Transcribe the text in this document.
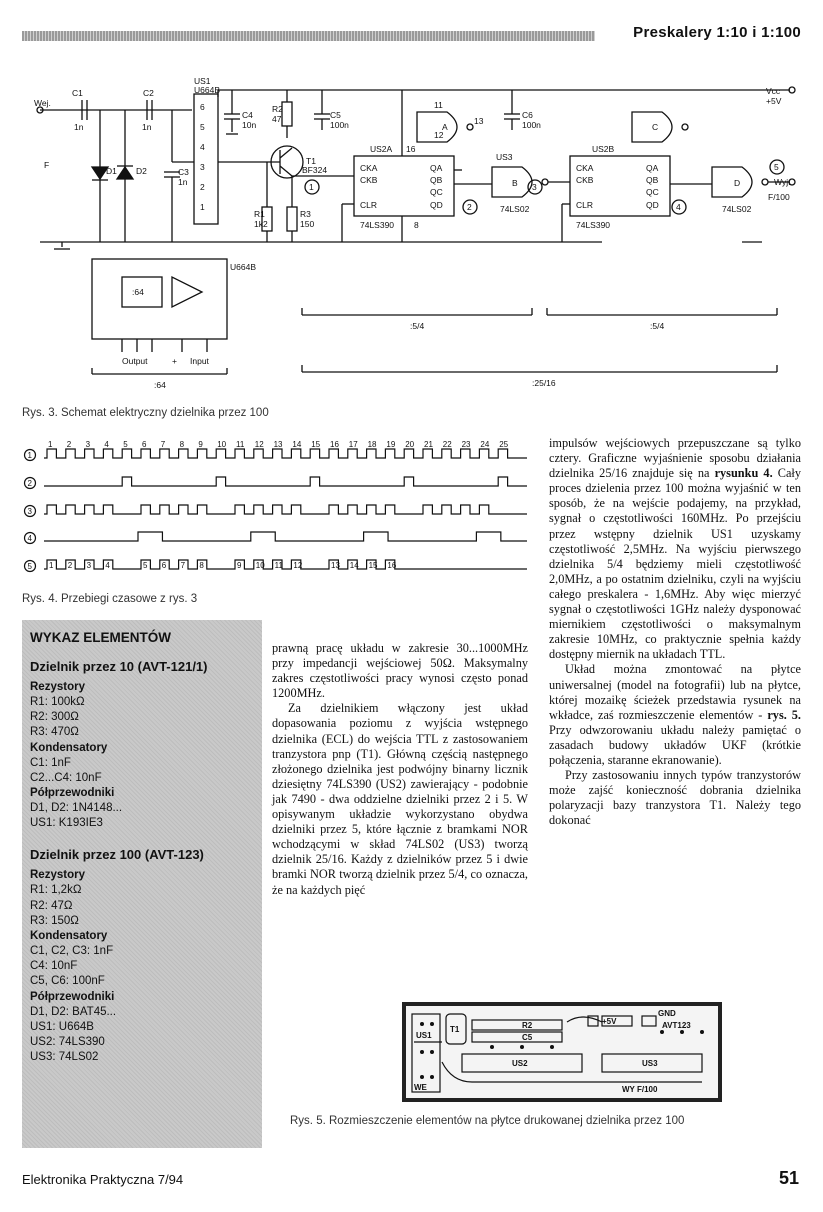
Preskalery 1:10 i 1:100
Wej.
F
C1
1n
C2
1n
D1 D2	C3
1n
US1
U664B
6
5
4
3
2
1
C4
10n
R2
47	C5
100n
T1
BF324
1
R1
1k2
R3
150
US2A 16
CKA
CKB
CLR
QA
QB
QC
QD
74LS390 8
11
12
A
13
2
US3
B
74LS02
3
C6
100n
US2B
CKA
CKB
CLR
QA
QB
QC
QD
74LS390
C
D
74LS02
4
5
Vcc
+5V
Wyj.
F/100
U664B
:64
Output	+ Input
:64
:5/4	:5/4
:25/16
Rys. 3. Schemat elektryczny dzielnika przez 100
1
2
3
4
5
1 2 3 4 5 6 7 8 9 10 11 12 13 14 15 16 17 18 19 20 21 22 23 24 25
1 2 3 4	5 6 7 8	9 10 11 12	13 14 15 16
Rys. 4. Przebiegi czasowe z rys. 3
WYKAZ ELEMENTÓW
Dzielnik przez 10 (AVT-121/1)
Rezystory
R1: 100kΩ
R2: 300Ω
R3: 470Ω
Kondensatory
C1: 1nF
C2...C4: 10nF
Półprzewodniki
D1, D2: 1N4148...
US1: K193IE3
Dzielnik przez 100 (AVT-123)
Rezystory
R1: 1,2kΩ
R2: 47Ω
R3: 150Ω
Kondensatory
C1, C2, C3: 1nF
C4: 10nF
C5, C6: 100nF
Półprzewodniki
D1, D2: BAT45...
US1: U664B
US2: 74LS390
US3: 74LS02

prawną pracę układu w zakresie 30...1000MHz przy impedancji wejściowej 50Ω. Maksymalny zakres częstotliwości pracy wynosi często ponad 1200MHz.

Za dzielnikiem włączony jest układ dopasowania poziomu z wyjścia wstępnego dzielnika (ECL) do wejścia TTL z zastosowaniem tranzystora pnp (T1). Główną częścią następnego złożonego dzielnika jest podwójny binarny licznik dziesiętny 74LS390 (US2) zawierający - podobnie jak 7490 - dwa oddzielne dzielniki przez 2 i 5. W opisywanym układzie wykorzystano obydwa dzielniki przez 5, które łącznie z bramkami NOR wchodzącymi w skład 74LS02 (US3) tworzą dzielnik 25/16. Każdy z dzielników przez 5 i dwie bramki NOR tworzą dzielnik przez 5/4, co oznacza, że na każdych pięć

impulsów wejściowych przepuszczane są tylko cztery. Graficzne wyjaśnienie sposobu działania dzielnika 25/16 znajduje się na rysunku 4. Cały proces dzielenia przez 100 można wyjaśnić w ten sposób, że na wejście podajemy, na przykład, sygnał o częstotliwości 160MHz. Po przejściu przez wstępny dzielnik US1 uzyskamy częstotliwość 2,5MHz. Na wyjściu pierwszego dzielnika 5/4 będziemy mieli częstotliwość 2,0MHz, a po ostatnim dzielniku, czyli na wyjściu całego preskalera - 1,6MHz. Aby więc mierzyć sygnał o częstotliwości 1GHz należy dysponować miernikiem częstotliwości o maksymalnym zakresie 10MHz, co praktycznie spełnia każdy dostępny miernik na układach TTL.

Układ można zmontować na płytce uniwersalnej (model na fotografii) lub na płytce, której mozaikę ścieżek przedstawia rysunek na wkładce, zaś rozmieszczenie elementów - rys. 5. Przy odwzorowaniu układu należy pamiętać o zasadach budowy układów UKF (krótkie połączenia, staranne ekranowanie).

Przy zastosowaniu innych typów tranzystorów może zajść konieczność dobrania dzielnika polaryzacji bazy tranzystora T1. Należy tego dokonać

R2
C5
T1
US1
WE
US2	US3
AVT123
+5V
GND
WY F/100
Rys. 5. Rozmieszczenie elementów na płytce drukowanej dzielnika przez 100
Elektronika Praktyczna 7/94	51
